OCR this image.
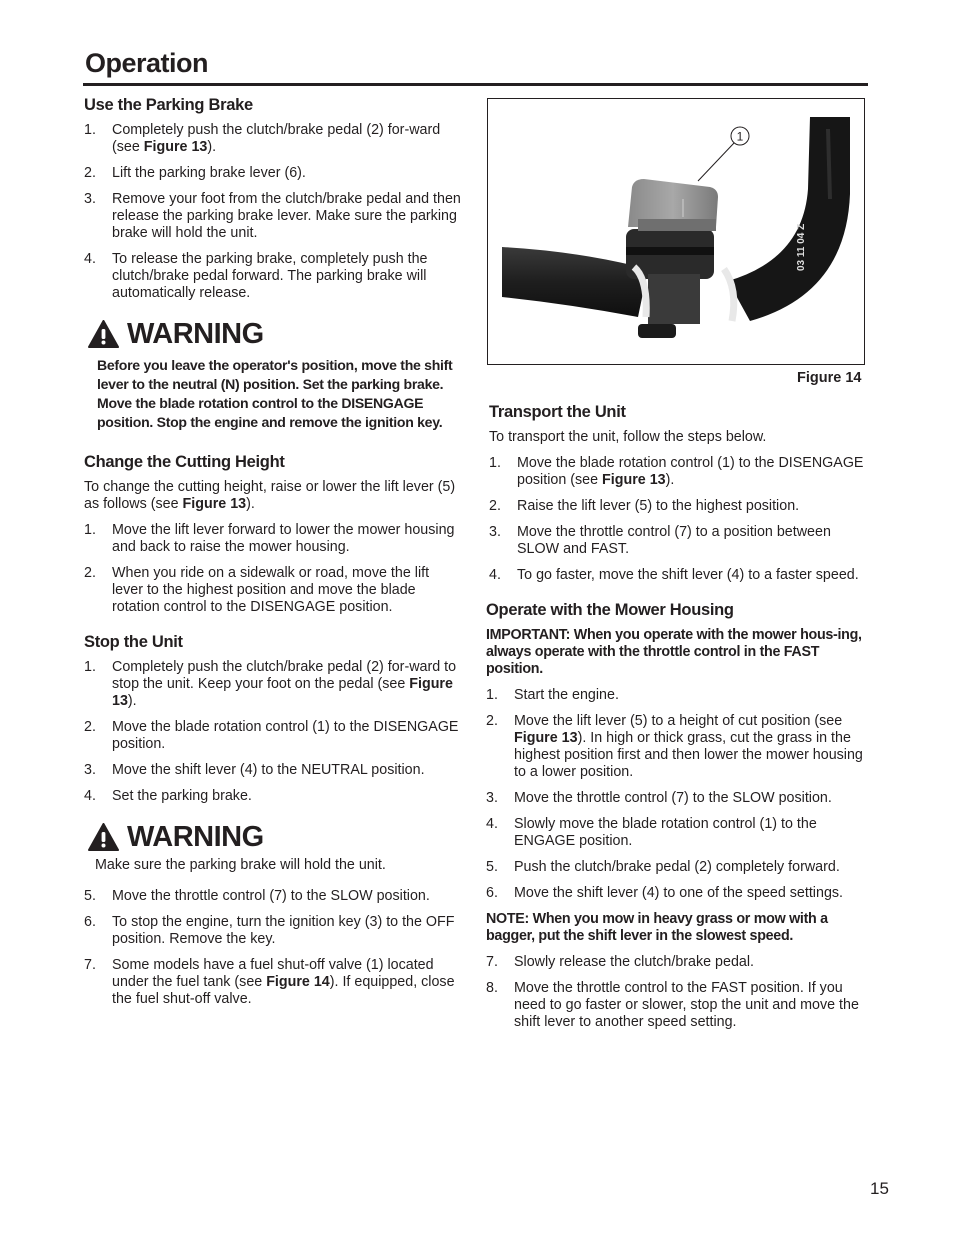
Operation
Use the Parking Brake
1. Completely push the clutch/brake pedal (2) for-ward (see Figure 13).
2. Lift the parking brake lever (6).
3. Remove your foot from the clutch/brake pedal and then release the parking brake lever. Make sure the parking brake will hold the unit.
4. To release the parking brake, completely push the clutch/brake pedal forward. The parking brake will automatically release.
WARNING
Before you leave the operator's position, move the shift lever to the neutral (N) position. Set the parking brake. Move the blade rotation control to the DISENGAGE position. Stop the engine and remove the ignition key.
Change the Cutting Height

To change the cutting height, raise or lower the lift lever (5) as follows (see Figure 13).

1. Move the lift lever forward to lower the mower housing and back to raise the mower housing.
2. When you ride on a sidewalk or road, move the lift lever to the highest position and move the blade rotation control to the DISENGAGE position.
Stop the Unit
1. Completely push the clutch/brake pedal (2) for-ward to stop the unit. Keep your foot on the pedal (see Figure 13).
2. Move the blade rotation control (1) to the DISENGAGE position.
3. Move the shift lever (4) to the NEUTRAL position.
4. Set the parking brake.
WARNING
Make sure the parking brake will hold the unit.
5. Move the throttle control (7) to the SLOW position.
6. To stop the engine, turn the ignition key (3) to the OFF position. Remove the key.
7. Some models have a fuel shut-off valve (1) located under the fuel tank (see Figure 14). If equipped, close the fuel shut-off valve.
03 11 04 Z
1
Figure 14
Transport the Unit

To transport the unit, follow the steps below.

1. Move the blade rotation control (1) to the DISENGAGE position (see Figure 13).
2. Raise the lift lever (5) to the highest position.
3. Move the throttle control (7) to a position between SLOW and FAST.
4. To go faster, move the shift lever (4) to a faster speed.
Operate with the Mower Housing

IMPORTANT: When you operate with the mower hous-ing, always operate with the throttle control in the FAST position.

1. Start the engine.
2. Move the lift lever (5) to a height of cut position (see Figure 13). In high or thick grass, cut the grass in the highest position first and then lower the mower housing to a lower position.
3. Move the throttle control (7) to the SLOW position.
4. Slowly move the blade rotation control (1) to the ENGAGE position.
5. Push the clutch/brake pedal (2) completely forward.
6. Move the shift lever (4) to one of the speed settings.

NOTE: When you mow in heavy grass or mow with a bagger, put the shift lever in the slowest speed.

7. Slowly release the clutch/brake pedal.
8. Move the throttle control to the FAST position. If you need to go faster or slower, stop the unit and move the shift lever to another speed setting.
15
